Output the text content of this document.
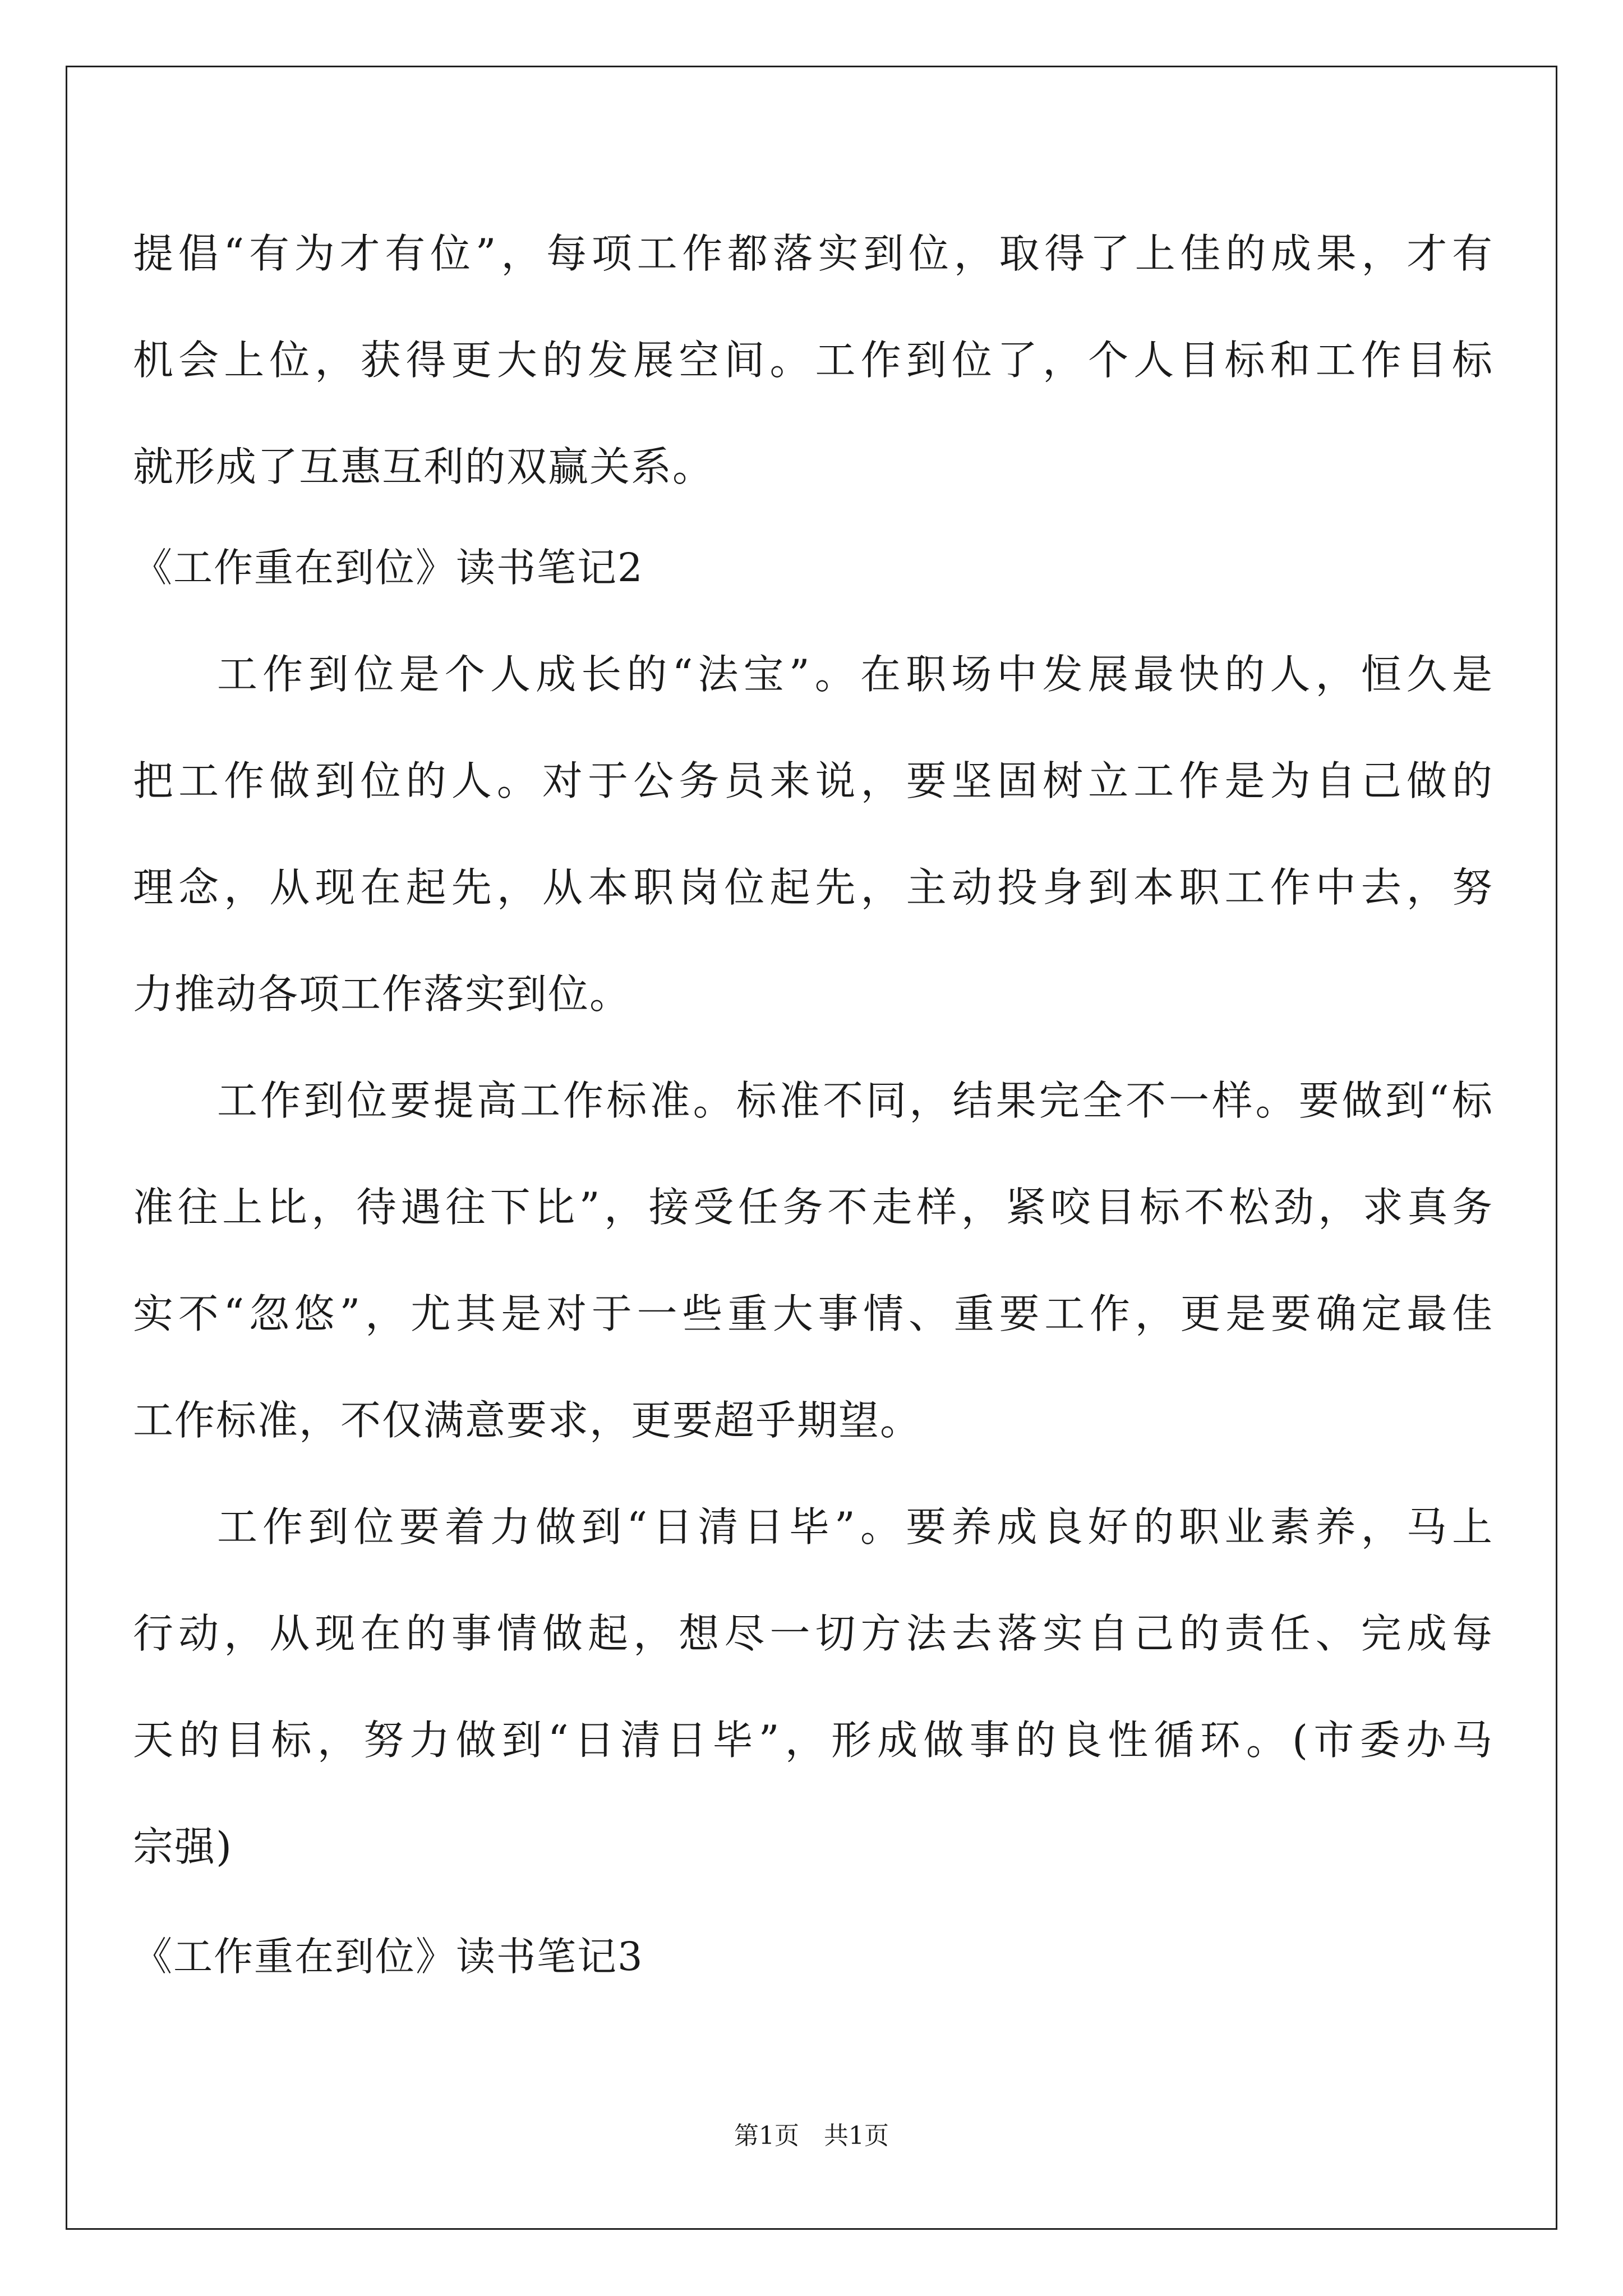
提倡“有为才有位”，每项工作都落实到位，取得了上佳的成果，才有
机会上位，获得更大的发展空间。工作到位了，个人目标和工作目标
就形成了互惠互利的双赢关系。
《工作重在到位》读书笔记2
工作到位是个人成长的“法宝”。在职场中发展最快的人，恒久是
把工作做到位的人。对于公务员来说，要坚固树立工作是为自己做的
理念，从现在起先，从本职岗位起先，主动投身到本职工作中去，努
力推动各项工作落实到位。
工作到位要提高工作标准。标准不同，结果完全不一样。要做到“标
准往上比，待遇往下比”，接受任务不走样，紧咬目标不松劲，求真务
实不“忽悠”，尤其是对于一些重大事情、重要工作，更是要确定最佳
工作标准，不仅满意要求，更要超乎期望。
工作到位要着力做到“日清日毕”。要养成良好的职业素养，马上
行动，从现在的事情做起，想尽一切方法去落实自己的责任、完成每
天的目标，努力做到“日清日毕”，形成做事的良性循环。(市委办马
宗强)
《工作重在到位》读书笔记3
第1页　共1页
